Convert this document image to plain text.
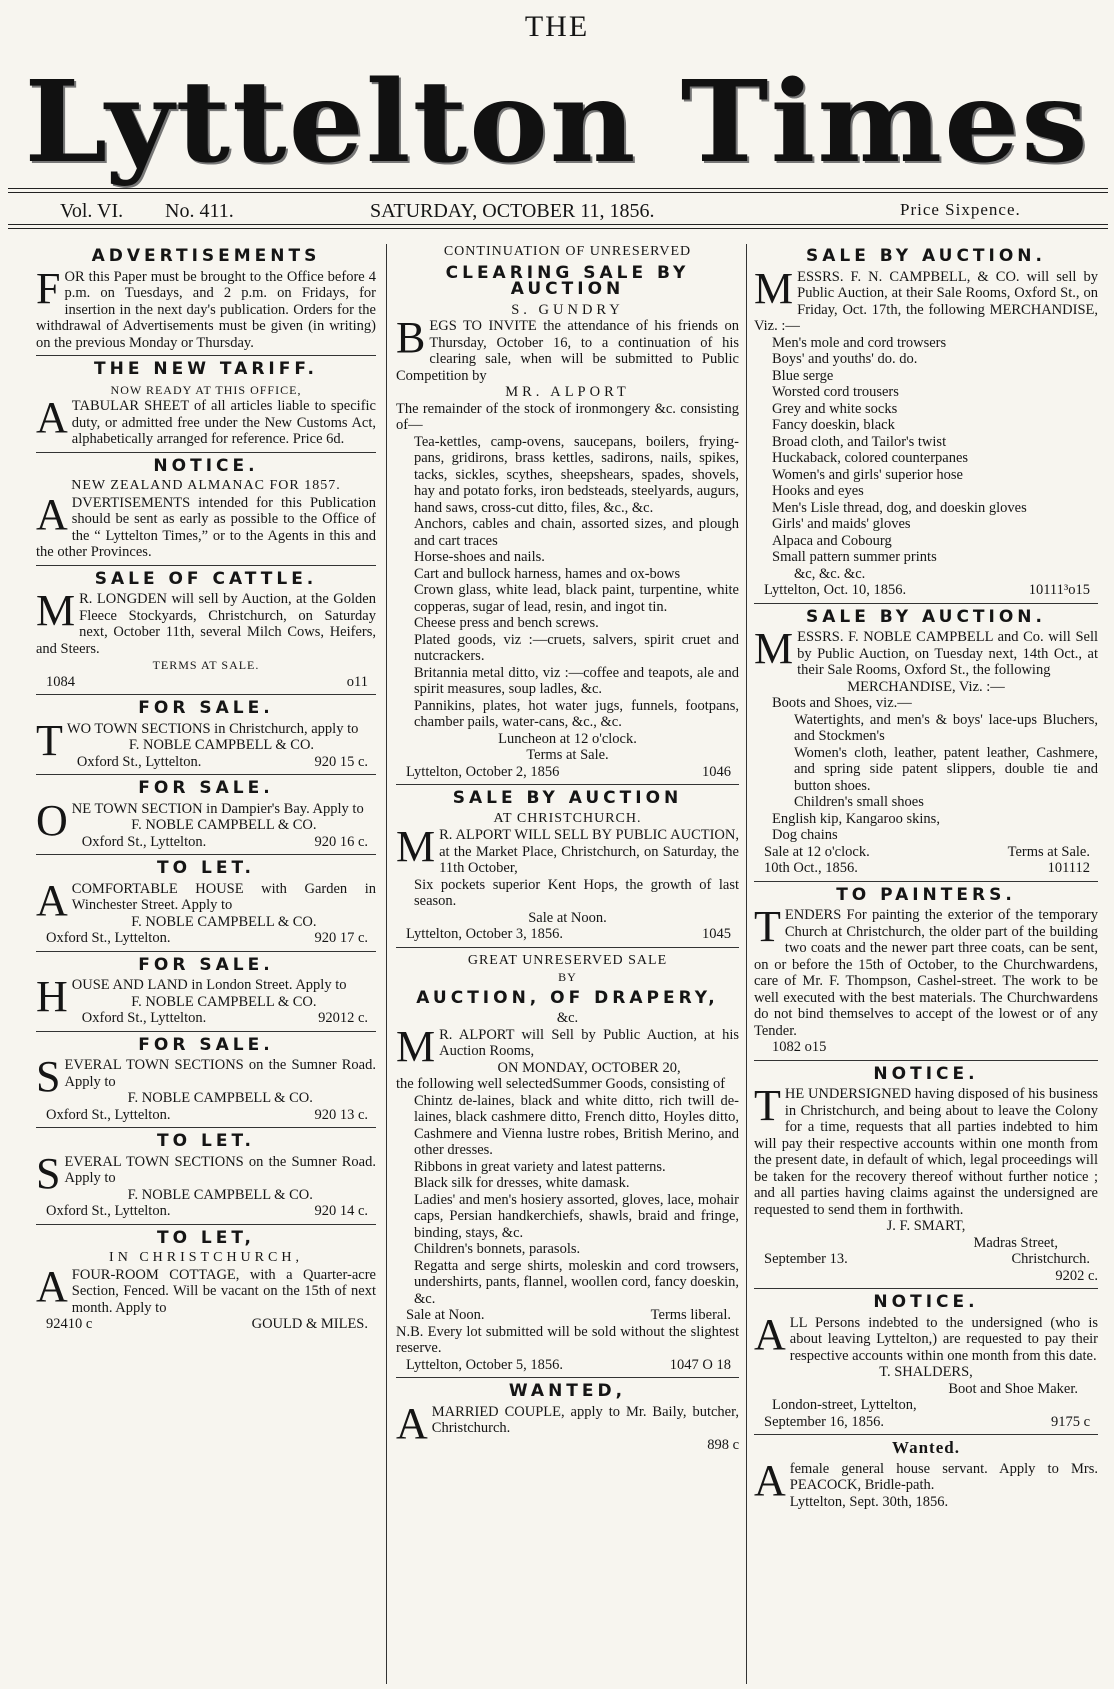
THE
Lyttelton Times
Vol. VI. No. 411.	SATURDAY, OCTOBER 11, 1856.	Price Sixpence.
ADVERTISEMENTS

FOR this Paper must be brought to the Office before 4 p.m. on Tuesdays, and 2 p.m. on Fridays, for insertion in the next day's publication. Orders for the withdrawal of Advertisements must be given (in writing) on the previous Monday or Thursday.

THE NEW TARIFF.
NOW READY AT THIS OFFICE,

ATABULAR SHEET of all articles liable to specific duty, or admitted free under the New Customs Act, alphabetically arranged for reference. Price 6d.

NOTICE.
NEW ZEALAND ALMANAC FOR 1857.

ADVERTISEMENTS intended for this Publication should be sent as early as possible to the Office of the “ Lyttelton Times,” or to the Agents in this and the other Provinces.

SALE OF CATTLE.

M R. LONGDEN will sell by Auction, at the Golden Fleece Stockyards, Christchurch, on Saturday next, October 11th, several Milch Cows, Heifers, and Steers.

TERMS AT SALE.
1084	o11
FOR SALE.

TWO TOWN SECTIONS in Christchurch, apply to

F. NOBLE CAMPBELL & CO.
Oxford St., Lyttelton.	920 15 c.
FOR SALE.

ONE TOWN SECTION in Dampier's Bay. Apply to

F. NOBLE CAMPBELL & CO.
Oxford St., Lyttelton.	920 16 c.
TO LET.

ACOMFORTABLE HOUSE with Garden in Winchester Street. Apply to

F. NOBLE CAMPBELL & CO.
Oxford St., Lyttelton.	920 17 c.
FOR SALE.

HOUSE AND LAND in London Street. Apply to

F. NOBLE CAMPBELL & CO.
Oxford St., Lyttelton.	92012 c.
FOR SALE.

SEVERAL TOWN SECTIONS on the Sumner Road. Apply to

F. NOBLE CAMPBELL & CO.
Oxford St., Lyttelton.	920 13 c.
TO LET.

SEVERAL TOWN SECTIONS on the Sumner Road. Apply to

F. NOBLE CAMPBELL & CO.
Oxford St., Lyttelton.	920 14 c.
TO LET,
IN CHRISTCHURCH,

AFOUR-ROOM COTTAGE, with a Quarter-acre Section, Fenced. Will be vacant on the 15th of next month. Apply to

92410 c	GOULD & MILES.
CONTINUATION OF UNRESERVED
CLEARING SALE BY AUCTION
S. GUNDRY

BEGS TO INVITE the attendance of his friends on Thursday, October 16, to a continuation of his clearing sale, when will be submitted to Public Competition by

MR. ALPORT

The remainder of the stock of ironmongery &c. consisting of—

Tea-kettles, camp-ovens, saucepans, boilers, frying-pans, gridirons, brass kettles, sadirons, nails, spikes, tacks, sickles, scythes, sheepshears, spades, shovels, hay and potato forks, iron bedsteads, steelyards, augurs, hand saws, cross-cut ditto, files, &c., &c.

Anchors, cables and chain, assorted sizes, and plough and cart traces

Horse-shoes and nails.

Cart and bullock harness, hames and ox-bows

Crown glass, white lead, black paint, turpentine, white copperas, sugar of lead, resin, and ingot tin.

Cheese press and bench screws.

Plated goods, viz :—cruets, salvers, spirit cruet and nutcrackers.

Britannia metal ditto, viz :—coffee and teapots, ale and spirit measures, soup ladles, &c.

Pannikins, plates, hot water jugs, funnels, footpans, chamber pails, water-cans, &c., &c.

Luncheon at 12 o'clock.
Terms at Sale.
Lyttelton, October 2, 1856	1046
SALE BY AUCTION
AT CHRISTCHURCH.

M R. ALPORT WILL SELL BY PUBLIC AUCTION, at the Market Place, Christchurch, on Saturday, the 11th October,

Six pockets superior Kent Hops, the growth of last season.

Sale at Noon.
Lyttelton, October 3, 1856.	1045
GREAT UNRESERVED SALE
BY
AUCTION, OF DRAPERY,
&c.

M R. ALPORT will Sell by Public Auction, at his Auction Rooms,

ON MONDAY, OCTOBER 20,

the following well selectedSummer Goods, consisting of

Chintz de-laines, black and white ditto, rich twill de-laines, black cashmere ditto, French ditto, Hoyles ditto, Cashmere and Vienna lustre robes, British Merino, and other dresses.

Ribbons in great variety and latest patterns.

Black silk for dresses, white damask.

Ladies' and men's hosiery assorted, gloves, lace, mohair caps, Persian handkerchiefs, shawls, braid and fringe, binding, stays, &c.

Children's bonnets, parasols.

Regatta and serge shirts, moleskin and cord trowsers, undershirts, pants, flannel, woollen cord, fancy doeskin, &c.

Sale at Noon.	Terms liberal.

N.B. Every lot submitted will be sold without the slightest reserve.

Lyttelton, October 5, 1856.	1047 O 18
WANTED,

AMARRIED COUPLE, apply to Mr. Baily, butcher, Christchurch.

898 c
SALE BY AUCTION.

MESSRS. F. N. CAMPBELL, & CO. will sell by Public Auction, at their Sale Rooms, Oxford St., on Friday, Oct. 17th, the following MERCHANDISE, Viz. :—

Men's mole and cord trowsers

Boys' and youths' do. do.

Blue serge

Worsted cord trousers

Grey and white socks

Fancy doeskin, black

Broad cloth, and Tailor's twist

Huckaback, colored counterpanes

Women's and girls' superior hose

Hooks and eyes

Men's Lisle thread, dog, and doeskin gloves

Girls' and maids' gloves

Alpaca and Cobourg

Small pattern summer prints

&c, &c. &c.

Lyttelton, Oct. 10, 1856.	10111³o15
SALE BY AUCTION.

MESSRS. F. NOBLE CAMPBELL and Co. will Sell by Public Auction, on Tuesday next, 14th Oct., at their Sale Rooms, Oxford St., the following

MERCHANDISE, Viz. :—

Boots and Shoes, viz.—

Watertights, and men's & boys' lace-ups Bluchers, and Stockmen's

Women's cloth, leather, patent leather, Cashmere, and spring side patent slippers, double tie and button shoes.

Children's small shoes

English kip, Kangaroo skins,

Dog chains

Sale at 12 o'clock.	Terms at Sale.
10th Oct., 1856.	101112
TO PAINTERS.

TENDERS For painting the exterior of the temporary Church at Christchurch, the older part of the building two coats and the newer part three coats, can be sent, on or before the 15th of October, to the Churchwardens, care of Mr. F. Thompson, Cashel-street. The work to be well executed with the best materials. The Churchwardens do not bind themselves to accept of the lowest or of any Tender.

1082 o15

NOTICE.

THE UNDERSIGNED having disposed of his business in Christchurch, and being about to leave the Colony for a time, requests that all parties indebted to him will pay their respective accounts within one month from the present date, in default of which, legal proceedings will be taken for the recovery thereof without further notice ; and all parties having claims against the undersigned are requested to send them in forthwith.

J. F. SMART,
Madras Street,
September 13.	Christchurch.
9202 c.
NOTICE.

ALL Persons indebted to the undersigned (who is about leaving Lyttelton,) are requested to pay their respective accounts within one month from this date.

T. SHALDERS,
Boot and Shoe Maker.

London-street, Lyttelton,

September 16, 1856.	9175 c
Wanted.

Afemale general house servant. Apply to Mrs. PEACOCK, Bridle-path.

Lyttelton, Sept. 30th, 1856.
